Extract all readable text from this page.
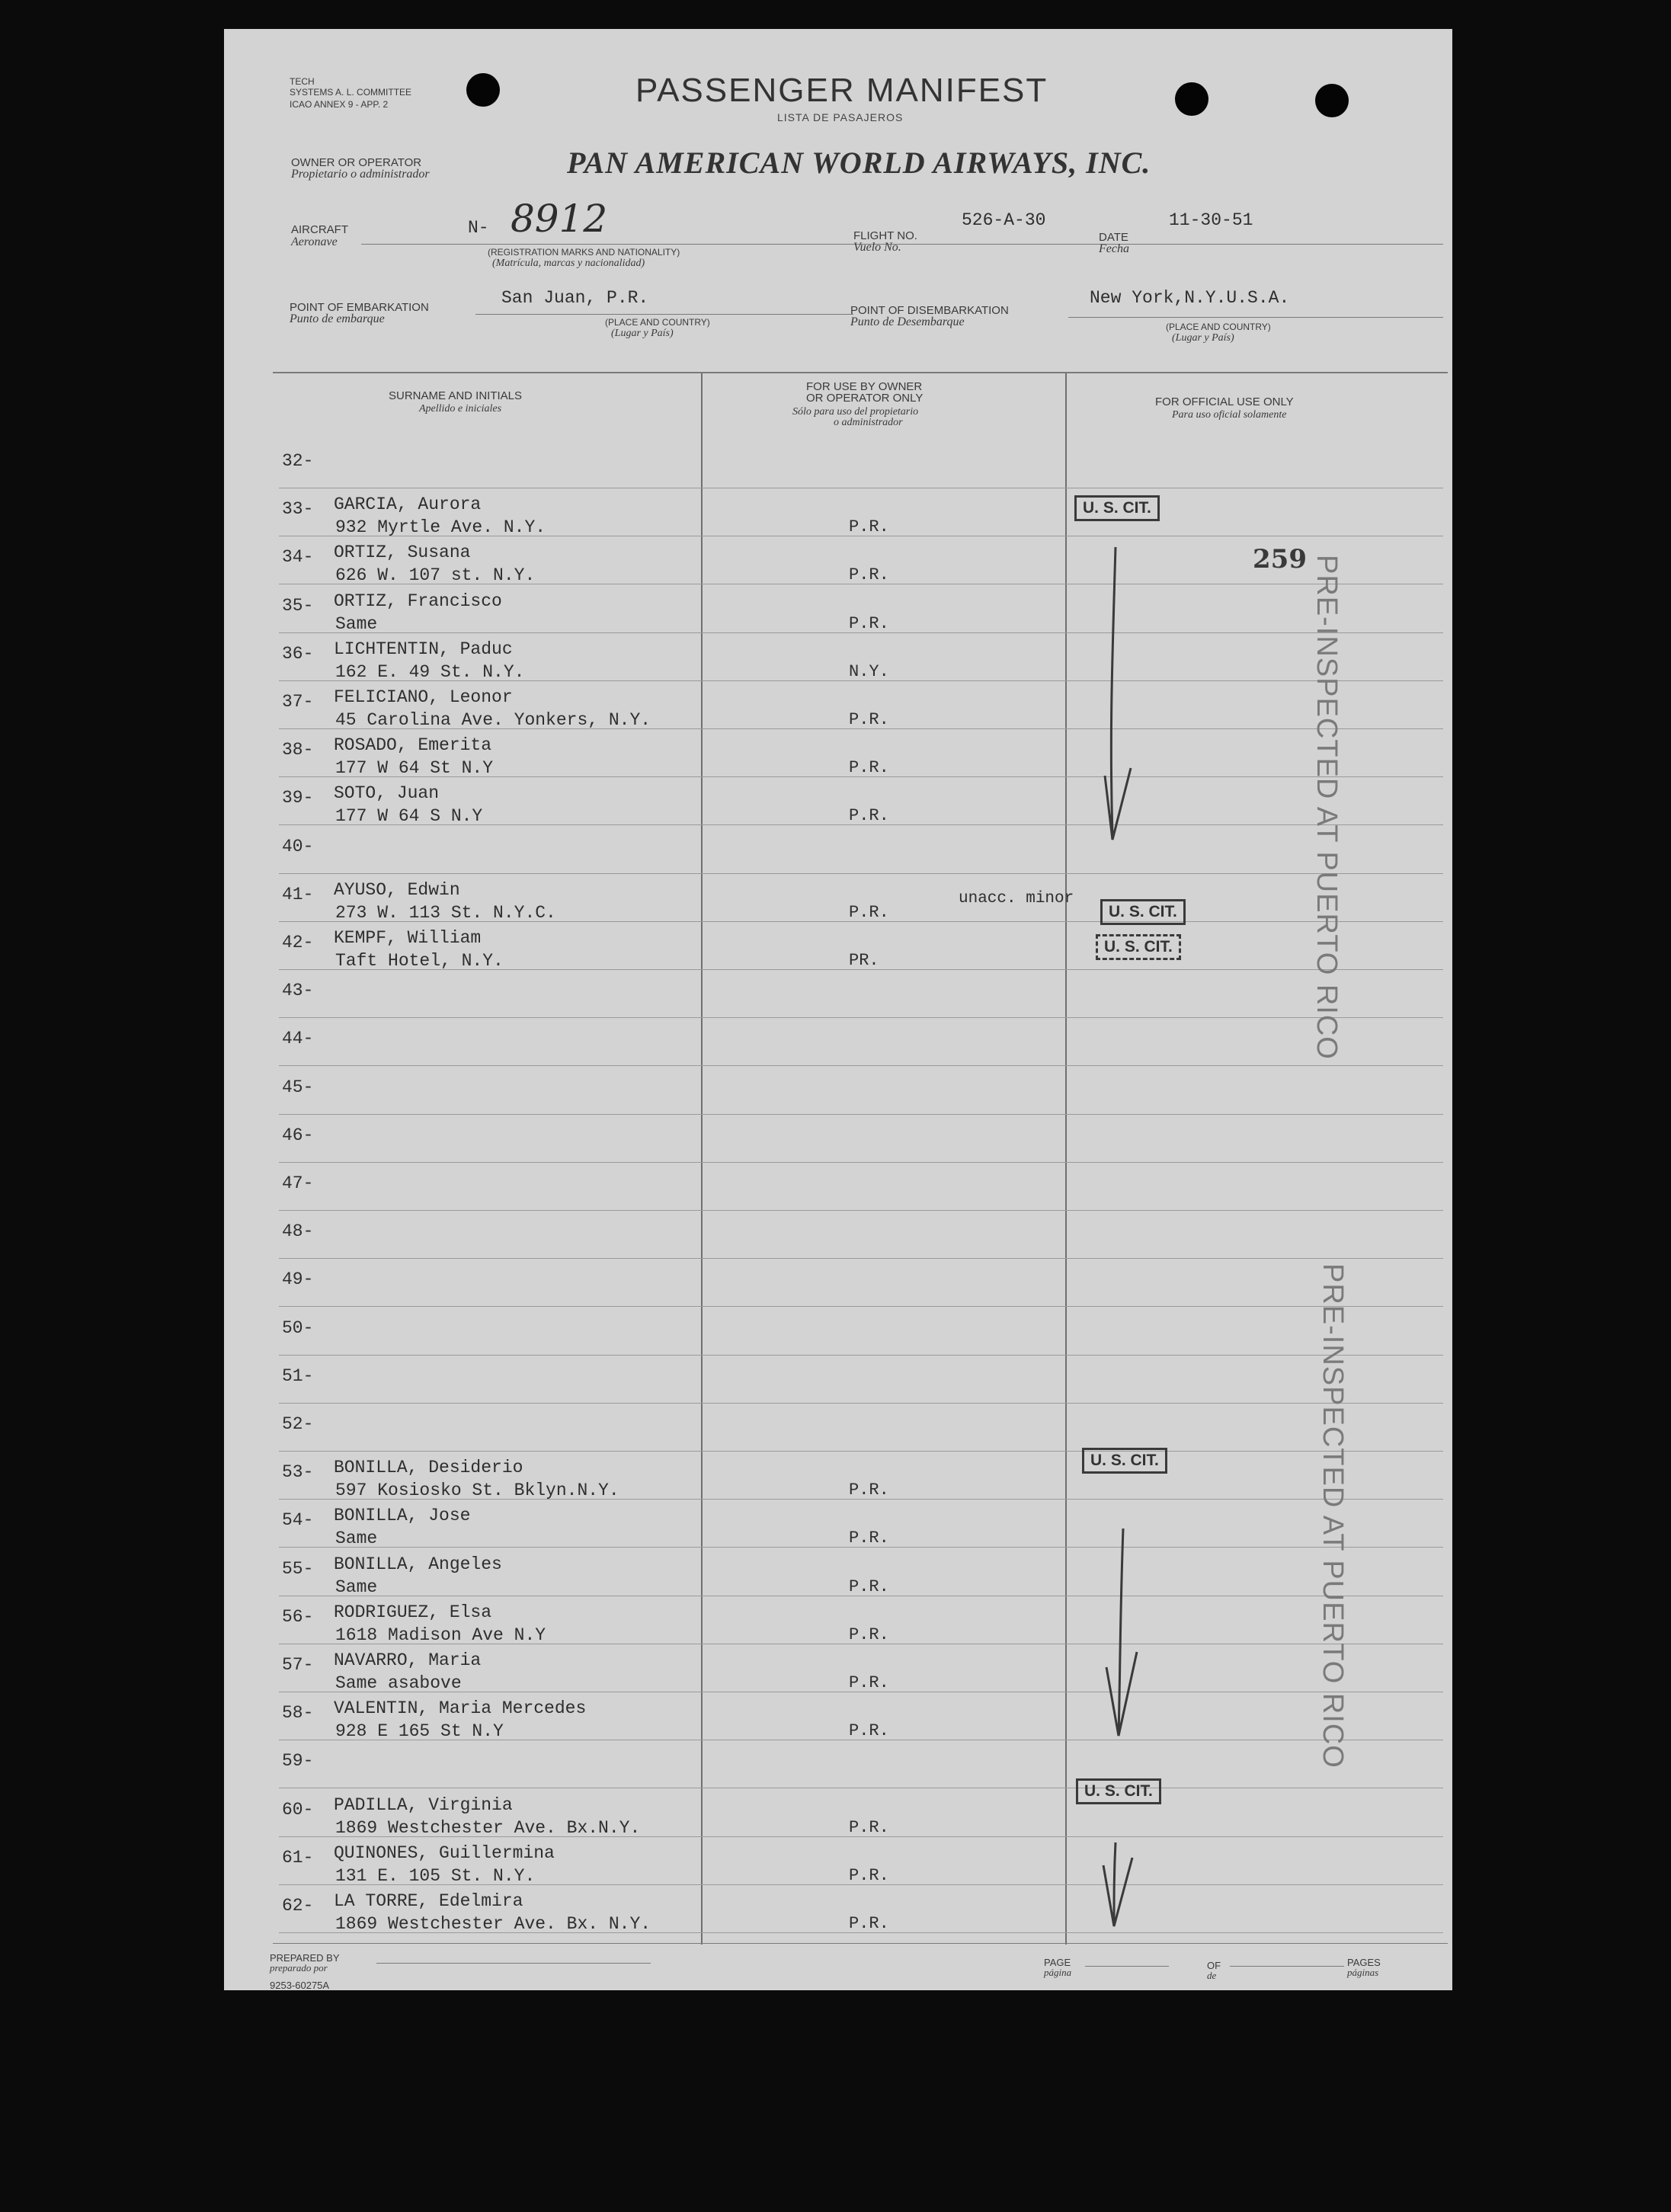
TECH
SYSTEMS A. L. COMMITTEE
ICAO ANNEX 9 - APP. 2	PASSENGER MANIFEST
LISTA DE PASAJEROS
OWNER OR OPERATOR
Propietario o administrador	PAN AMERICAN WORLD AIRWAYS, INC.
AIRCRAFT
Aeronave
N- 8912
(REGISTRATION MARKS AND NATIONALITY)
(Matrícula, marcas y nacionalidad)
FLIGHT NO.
Vuelo No.
526-A-30
DATE
Fecha
11-30-51
POINT OF EMBARKATION
Punto de embarque
San Juan, P.R.
(PLACE AND COUNTRY)
(Lugar y País)
POINT OF DISEMBARKATION
Punto de Desembarque
New York,N.Y.U.S.A.
(PLACE AND COUNTRY)
(Lugar y País)
SURNAME AND INITIALS
Apellido e iniciales
FOR USE BY OWNER
OR OPERATOR ONLY
Sólo para uso del propietario
o administrador
FOR OFFICIAL USE ONLY
Para uso oficial solamente
32-
33- GARCIA, Aurora
932 Myrtle Ave. N.Y.	P.R.
34- ORTIZ, Susana
626 W. 107 st. N.Y.	P.R.
35- ORTIZ, Francisco
Same	P.R.
36- LICHTENTIN, Paduc
162 E. 49 St. N.Y.	N.Y.
37- FELICIANO, Leonor
45 Carolina Ave. Yonkers, N.Y.	P.R.
38- ROSADO, Emerita
177 W 64 St N.Y	P.R.
39- SOTO, Juan
177 W 64 S N.Y	P.R.
40-
41- AYUSO, Edwin
273 W. 113 St. N.Y.C.	P.R.
42- KEMPF, William
Taft Hotel, N.Y.	PR.
43-
44-
45-
46-
47-
48-
49-
50-
51-
52-
53- BONILLA, Desiderio
597 Kosiosko St. Bklyn.N.Y.	P.R.
54- BONILLA, Jose
Same	P.R.
55- BONILLA, Angeles
Same	P.R.
56- RODRIGUEZ, Elsa
1618 Madison Ave N.Y	P.R.
57- NAVARRO, Maria
Same asabove	P.R.
58- VALENTIN, Maria Mercedes
928 E 165 St N.Y	P.R.
59-
60- PADILLA, Virginia
1869 Westchester Ave. Bx.N.Y.	P.R.
61- QUINONES, Guillermina
131 E. 105 St. N.Y.	P.R.
62- LA TORRE, Edelmira
1869 Westchester Ave. Bx. N.Y.	P.R.
U. S. CIT.
U. S. CIT.
U. S. CIT.
U. S. CIT.
U. S. CIT.
259
unacc. minor	PRE-INSPECTED AT PUERTO RICO
PRE-INSPECTED AT PUERTO RICO
PREPARED BY
preparado por
9253-60275A
PAGE
página
OF
de
PAGES
páginas
